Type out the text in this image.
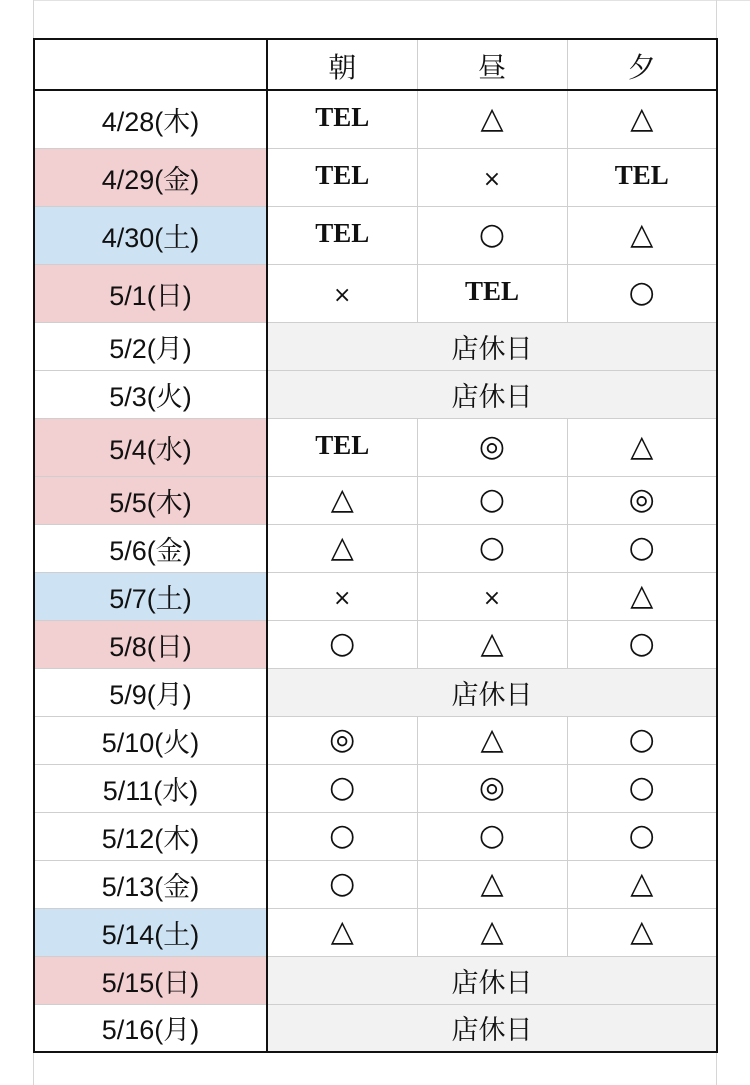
	朝	昼	夕
4/28(木)	TEL	△	△
4/29(金)	TEL	×	TEL
4/30(土)	TEL	○	△
5/1(日)	×	TEL	○
5/2(月)	店休日		
5/3(火)	店休日		
5/4(水)	TEL	◎	△
5/5(木)	△	○	◎
5/6(金)	△	○	○
5/7(土)	×	×	△
5/8(日)	○	△	○
5/9(月)	店休日		
5/10(火)	◎	△	○
5/11(水)	○	◎	○
5/12(木)	○	○	○
5/13(金)	○	△	△
5/14(土)	△	△	△
5/15(日)	店休日		
5/16(月)	店休日		
